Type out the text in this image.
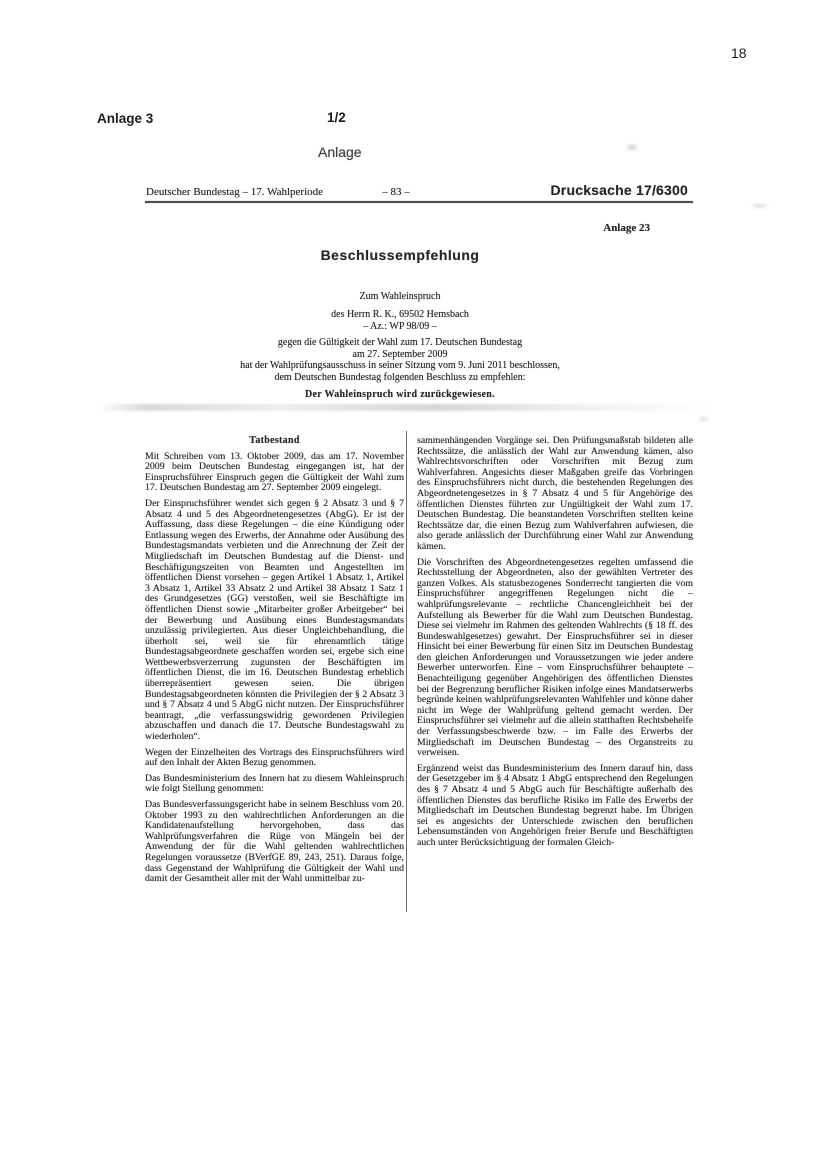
18
Anlage 3	1/2
Anlage
Deutscher Bundestag – 17. Wahlperiode	– 83 –	Drucksache 17/6300
Anlage 23
Beschlussempfehlung
Zum Wahleinspruch
des Herrn R. K., 69502 Hemsbach
– Az.: WP 98/09 –
gegen die Gültigkeit der Wahl zum 17. Deutschen Bundestag
am 27. September 2009
hat der Wahlprüfungsausschuss in seiner Sitzung vom 9. Juni 2011 beschlossen,
dem Deutschen Bundestag folgenden Beschluss zu empfehlen:
Der Wahleinspruch wird zurückgewiesen.
Tatbestand

Mit Schreiben vom 13. Oktober 2009, das am 17. November 2009 beim Deutschen Bundestag eingegangen ist, hat der Einspruchsführer Einspruch gegen die Gültigkeit der Wahl zum 17. Deutschen Bundestag am 27. September 2009 eingelegt.

Der Einspruchsführer wendet sich gegen § 2 Absatz 3 und § 7 Absatz 4 und 5 des Abgeordnetengesetzes (AbgG). Er ist der Auffassung, dass diese Regelungen – die eine Kündigung oder Entlassung wegen des Erwerbs, der Annahme oder Ausübung des Bundestagsmandats verbieten und die Anrechnung der Zeit der Mitgliedschaft im Deutschen Bundestag auf die Dienst- und Beschäftigungszeiten von Beamten und Angestellten im öffentlichen Dienst vorsehen – gegen Artikel 1 Absatz 1, Artikel 3 Absatz 1, Artikel 33 Absatz 2 und Artikel 38 Absatz 1 Satz 1 des Grundgesetzes (GG) verstoßen, weil sie Beschäftigte im öffentlichen Dienst sowie „Mitarbeiter großer Arbeitgeber“ bei der Bewerbung und Ausübung eines Bundestagsmandats unzulässig privilegierten. Aus dieser Ungleichbehandlung, die überholt sei, weil sie für ehrenamtlich tätige Bundestagsabgeordnete geschaffen worden sei, ergebe sich eine Wettbewerbsverzerrung zugunsten der Beschäftigten im öffentlichen Dienst, die im 16. Deutschen Bundestag erheblich überrepräsentiert gewesen seien. Die übrigen Bundestagsabgeordneten könnten die Privilegien der § 2 Absatz 3 und § 7 Absatz 4 und 5 AbgG nicht nutzen. Der Einspruchsführer beantragt, „die verfassungswidrig gewordenen Privilegien abzuschaffen und danach die 17. Deutsche Bundestagswahl zu wiederholen“.

Wegen der Einzelheiten des Vortrags des Einspruchsführers wird auf den Inhalt der Akten Bezug genommen.

Das Bundesministerium des Innern hat zu diesem Wahleinspruch wie folgt Stellung genommen:

Das Bundesverfassungsgericht habe in seinem Beschluss vom 20. Oktober 1993 zu den wahlrechtlichen Anforderungen an die Kandidatenaufstellung hervorgehoben, dass das Wahlprüfungsverfahren die Rüge von Mängeln bei der Anwendung der für die Wahl geltenden wahlrechtlichen Regelungen voraussetze (BVerfGE 89, 243, 251). Daraus folge, dass Gegenstand der Wahlprüfung die Gültigkeit der Wahl und damit der Gesamtheit aller mit der Wahl unmittelbar zu-

sammenhängenden Vorgänge sei. Den Prüfungsmaßstab bildeten alle Rechtssätze, die anlässlich der Wahl zur Anwendung kämen, also Wahlrechtsvorschriften oder Vorschriften mit Bezug zum Wahlverfahren. Angesichts dieser Maßgaben greife das Vorbringen des Einspruchsführers nicht durch, die bestehenden Regelungen des Abgeordnetengesetzes in § 7 Absatz 4 und 5 für Angehörige des öffentlichen Dienstes führten zur Ungültigkeit der Wahl zum 17. Deutschen Bundestag. Die beanstandeten Vorschriften stellten keine Rechtssätze dar, die einen Bezug zum Wahlverfahren aufwiesen, die also gerade anlässlich der Durchführung einer Wahl zur Anwendung kämen.

Die Vorschriften des Abgeordnetengesetzes regelten umfassend die Rechtsstellung der Abgeordneten, also der gewählten Vertreter des ganzen Volkes. Als statusbezogenes Sonderrecht tangierten die vom Einspruchsführer angegriffenen Regelungen nicht die – wahlprüfungsrelevante – rechtliche Chancengleichheit bei der Aufstellung als Bewerber für die Wahl zum Deutschen Bundestag. Diese sei vielmehr im Rahmen des geltenden Wahlrechts (§ 18 ff. des Bundeswahlgesetzes) gewahrt. Der Einspruchsführer sei in dieser Hinsicht bei einer Bewerbung für einen Sitz im Deutschen Bundestag den gleichen Anforderungen und Voraussetzungen wie jeder andere Bewerber unterworfen. Eine – vom Einspruchsführer behauptete – Benachteiligung gegenüber Angehörigen des öffentlichen Dienstes bei der Begrenzung beruflicher Risiken infolge eines Mandatserwerbs begründe keinen wahlprüfungsrelevanten Wahlfehler und könne daher nicht im Wege der Wahlprüfung geltend gemacht werden. Der Einspruchsführer sei vielmehr auf die allein statthaften Rechtsbehelfe der Verfassungsbeschwerde bzw. – im Falle des Erwerbs der Mitgliedschaft im Deutschen Bundestag – des Organstreits zu verweisen.

Ergänzend weist das Bundesministerium des Innern darauf hin, dass der Gesetzgeber im § 4 Absatz 1 AbgG entsprechend den Regelungen des § 7 Absatz 4 und 5 AbgG auch für Beschäftigte außerhalb des öffentlichen Dienstes das berufliche Risiko im Falle des Erwerbs der Mitgliedschaft im Deutschen Bundestag begrenzt habe. Im Übrigen sei es angesichts der Unterschiede zwischen den beruflichen Lebensumständen von Angehörigen freier Berufe und Beschäftigten auch unter Berücksichtigung der formalen Gleich-
